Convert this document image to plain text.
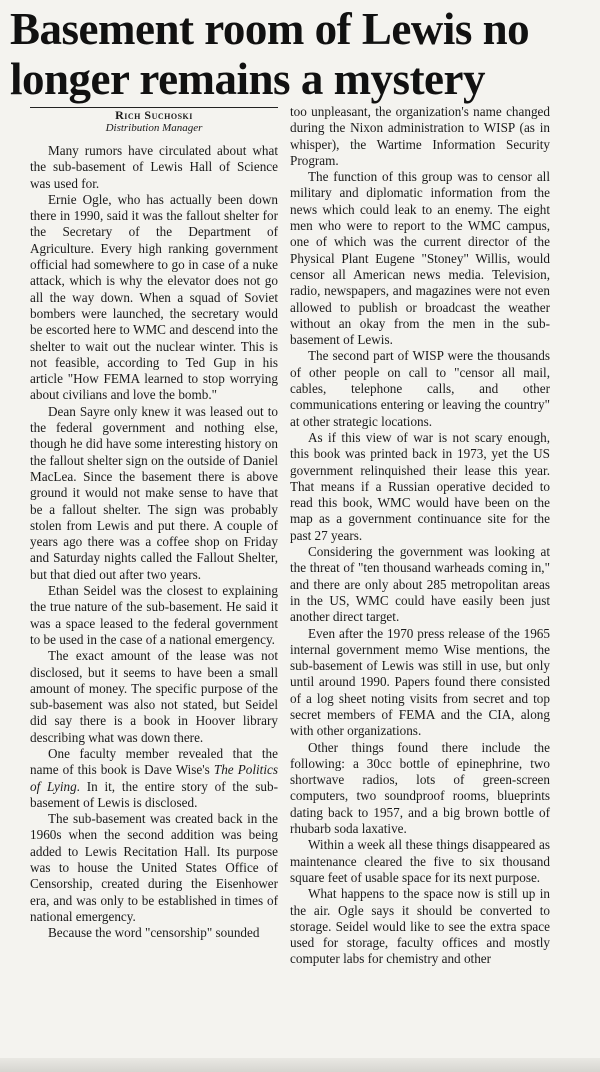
Basement room of Lewis no longer remains a mystery
Rich Suchoski
Distribution Manager

Many rumors have circulated about what the sub-basement of Lewis Hall of Science was used for.

Ernie Ogle, who has actually been down there in 1990, said it was the fallout shelter for the Secretary of the Department of Agriculture. Every high ranking government official had somewhere to go in case of a nuke attack, which is why the elevator does not go all the way down. When a squad of Soviet bombers were launched, the secretary would be escorted here to WMC and descend into the shelter to wait out the nuclear winter. This is not feasible, according to Ted Gup in his article "How FEMA learned to stop worrying about civilians and love the bomb."

Dean Sayre only knew it was leased out to the federal government and nothing else, though he did have some interesting history on the fallout shelter sign on the outside of Daniel MacLea. Since the basement there is above ground it would not make sense to have that be a fallout shelter. The sign was probably stolen from Lewis and put there. A couple of years ago there was a coffee shop on Friday and Saturday nights called the Fallout Shelter, but that died out after two years.

Ethan Seidel was the closest to explaining the true nature of the sub-basement. He said it was a space leased to the federal government to be used in the case of a national emergency.

The exact amount of the lease was not disclosed, but it seems to have been a small amount of money. The specific purpose of the sub-basement was also not stated, but Seidel did say there is a book in Hoover library describing what was down there.

One faculty member revealed that the name of this book is Dave Wise's The Politics of Lying. In it, the entire story of the sub-basement of Lewis is disclosed.

The sub-basement was created back in the 1960s when the second addition was being added to Lewis Recitation Hall. Its purpose was to house the United States Office of Censorship, created during the Eisenhower era, and was only to be established in times of national emergency.

Because the word "censorship" sounded

too unpleasant, the organization's name changed during the Nixon administration to WISP (as in whisper), the Wartime Information Security Program.

The function of this group was to censor all military and diplomatic information from the news which could leak to an enemy. The eight men who were to report to the WMC campus, one of which was the current director of the Physical Plant Eugene "Stoney" Willis, would censor all American news media. Television, radio, newspapers, and magazines were not even allowed to publish or broadcast the weather without an okay from the men in the sub-basement of Lewis.

The second part of WISP were the thousands of other people on call to "censor all mail, cables, telephone calls, and other communications entering or leaving the country" at other strategic locations.

As if this view of war is not scary enough, this book was printed back in 1973, yet the US government relinquished their lease this year. That means if a Russian operative decided to read this book, WMC would have been on the map as a government continuance site for the past 27 years.

Considering the government was looking at the threat of "ten thousand warheads coming in," and there are only about 285 metropolitan areas in the US, WMC could have easily been just another direct target.

Even after the 1970 press release of the 1965 internal government memo Wise mentions, the sub-basement of Lewis was still in use, but only until around 1990. Papers found there consisted of a log sheet noting visits from secret and top secret members of FEMA and the CIA, along with other organizations.

Other things found there include the following: a 30cc bottle of epinephrine, two shortwave radios, lots of green-screen computers, two soundproof rooms, blueprints dating back to 1957, and a big brown bottle of rhubarb soda laxative.

Within a week all these things disappeared as maintenance cleared the five to six thousand square feet of usable space for its next purpose.

What happens to the space now is still up in the air. Ogle says it should be converted to storage. Seidel would like to see the extra space used for storage, faculty offices and mostly computer labs for chemistry and other
